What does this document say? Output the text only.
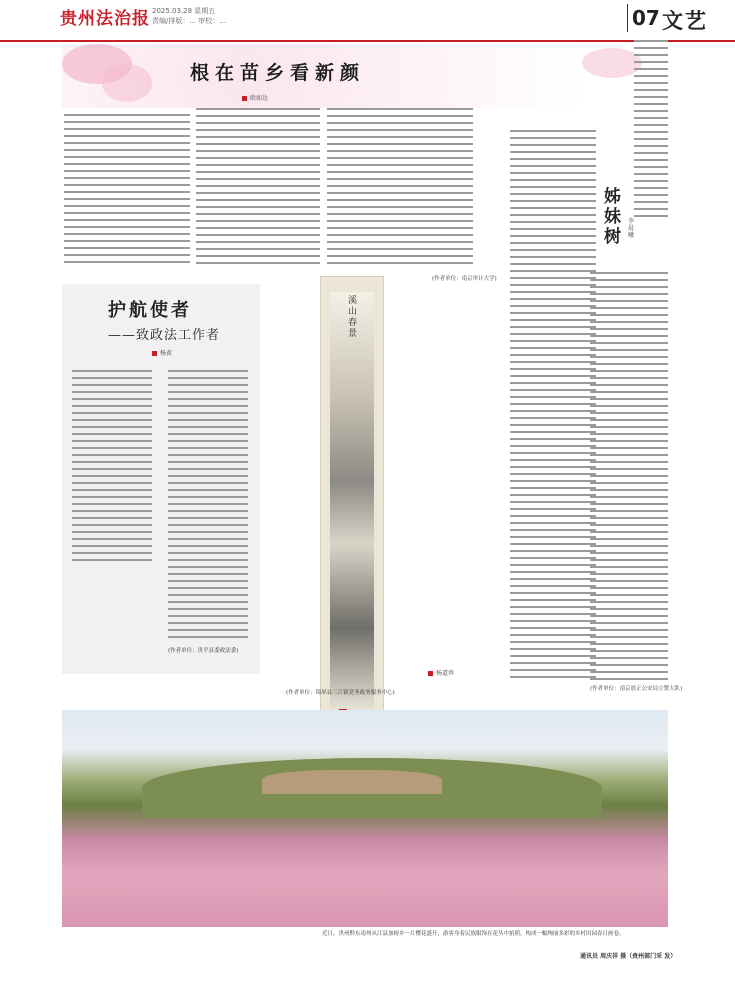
贵州法治报 2025.03.28 星期五
责编/排版：... 审校：...	07 文艺
根在苗乡看新颜
欧如达
护航使者
——致政法工作者
杨黄
(作者单位：贵平县委政法委)
溪山春景
杨道珍
(作者单位：锦屏县三江镇党务政务服务中心)
(作者单位：南京审计大学)
姊妹树
李晨曦
(作者单位：南京晨正公安局立警大队)
近日，贵州黔东南州从江县加榜乡一片樱花盛开，游客身着民族服饰在花丛中拍照，构成一幅绚丽多彩的乡村田园春日画卷。
通讯员 周庆祥 摄（贵州部门采 发）
